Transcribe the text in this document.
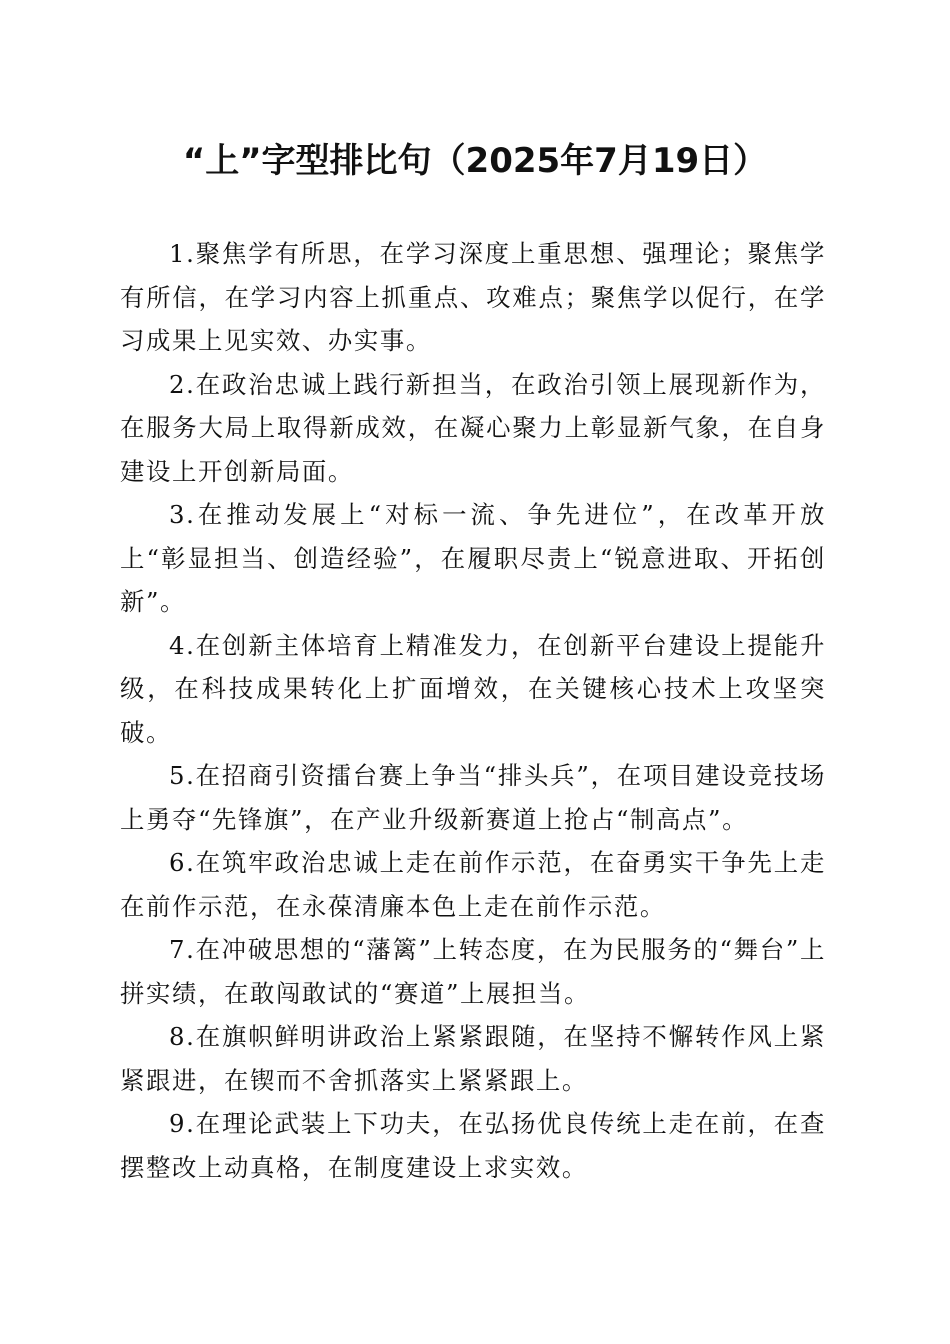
“上”字型排比句（2025年7月19日）

1.聚焦学有所思，在学习深度上重思想、强理论；聚焦学有所信，在学习内容上抓重点、攻难点；聚焦学以促行，在学习成果上见实效、办实事。

2.在政治忠诚上践行新担当，在政治引领上展现新作为，在服务大局上取得新成效，在凝心聚力上彰显新气象，在自身建设上开创新局面。

3.在推动发展上“对标一流、争先进位”，在改革开放上“彰显担当、创造经验”，在履职尽责上“锐意进取、开拓创新”。

4.在创新主体培育上精准发力，在创新平台建设上提能升级，在科技成果转化上扩面增效，在关键核心技术上攻坚突破。

5.在招商引资擂台赛上争当“排头兵”，在项目建设竞技场上勇夺“先锋旗”，在产业升级新赛道上抢占“制高点”。

6.在筑牢政治忠诚上走在前作示范，在奋勇实干争先上走在前作示范，在永葆清廉本色上走在前作示范。

7.在冲破思想的“藩篱”上转态度，在为民服务的“舞台”上拼实绩，在敢闯敢试的“赛道”上展担当。

8.在旗帜鲜明讲政治上紧紧跟随，在坚持不懈转作风上紧紧跟进，在锲而不舍抓落实上紧紧跟上。

9.在理论武装上下功夫，在弘扬优良传统上走在前，在查摆整改上动真格，在制度建设上求实效。
